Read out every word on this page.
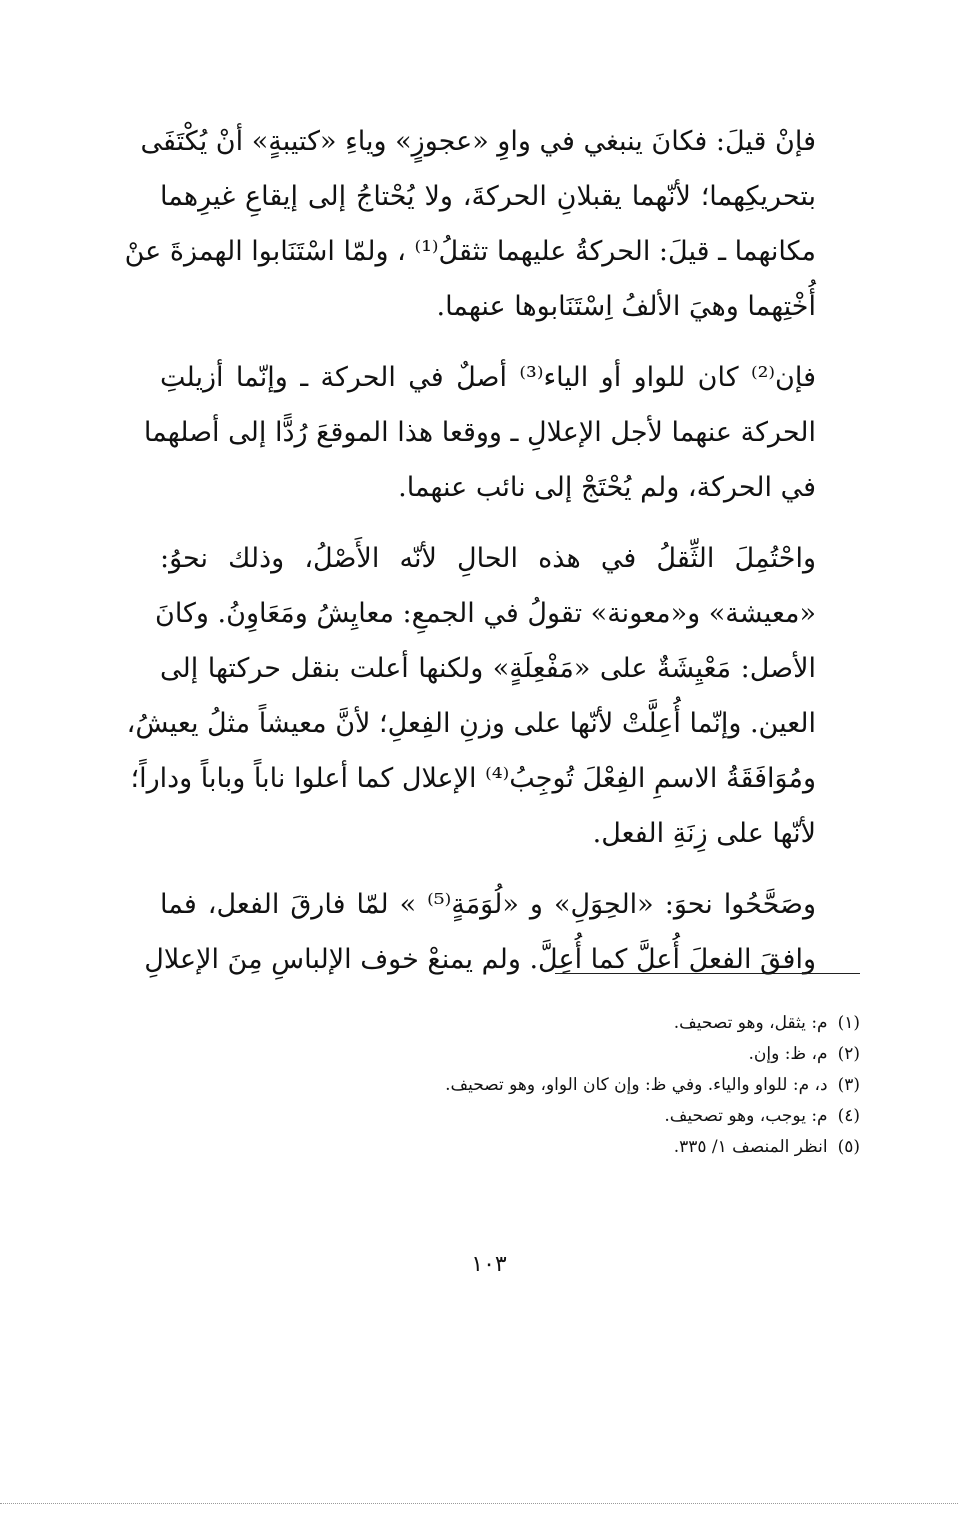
فإنْ قيلَ: فكانَ ينبغي في واوِ «عجوزٍ» وياءِ «كتيبةٍ» أنْ يُكْتَفَى
بتحريكِهما؛ لأنّهما يقبلانِ الحركةَ، ولا يُحْتاجُ إلى إيقاعِ غيرِهما
مكانهما ـ قيلَ: الحركةُ عليهما تثقلُ⁽¹⁾ ، ولمّا اسْتَنَابوا الهمزةَ عنْ
أُخْتِهما وهيَ الألفُ اِسْتَنَابوها عنهما.
فإن⁽²⁾ كان للواو أو الياء⁽³⁾ أصلٌ في الحركة ـ وإنّما أزيلتِ
الحركة عنهما لأجل الإعلالِ ـ ووقعا هذا الموقعَ رُدًّا إلى أصلهما
في الحركة، ولم يُحْتَجْ إلى نائب عنهما.
واحْتُمِلَ الثِّقلُ في هذه الحالِ لأنّه الأَصْلُ، وذلك نحوُ:
«معيشة» و«معونة» تقولُ في الجمعِ: معايِشُ ومَعَاوِنُ. وكانَ
الأصل: مَعْيِشَةٌ على «مَفْعِلَةٍ» ولكنها أعلت بنقل حركتها إلى
العين. وإنّما أُعِلَّتْ لأنّها على وزنِ الفِعلِ؛ لأنَّ معيشاً مثلُ يعيشُ،
ومُوَافَقَةُ الاسمِ الفِعْلَ تُوجِبُ⁽⁴⁾ الإعلال كما أعلوا ناباً وباباً وداراً؛
لأنّها على زِنَةِ الفعل.
وصَحَّحُوا نحوَ: «الحِوَلِ» و «لُوَمَةٍ⁽⁵⁾ » لمّا فارقَ الفعل، فما
وافقَ الفعلَ أُعلَّ كما أُعِلَّ. ولم يمنعْ خوف الإلباسِ مِنَ الإعلالِ
(١)م: يثقل، وهو تصحيف.
(٢)م، ظ: وإن.
(٣)د، م: للواو والياء. وفي ظ: وإن كان الواو، وهو تصحيف.
(٤)م: يوجب، وهو تصحيف.
(٥)انظر المنصف ١/ ٣٣٥.
١٠٣
